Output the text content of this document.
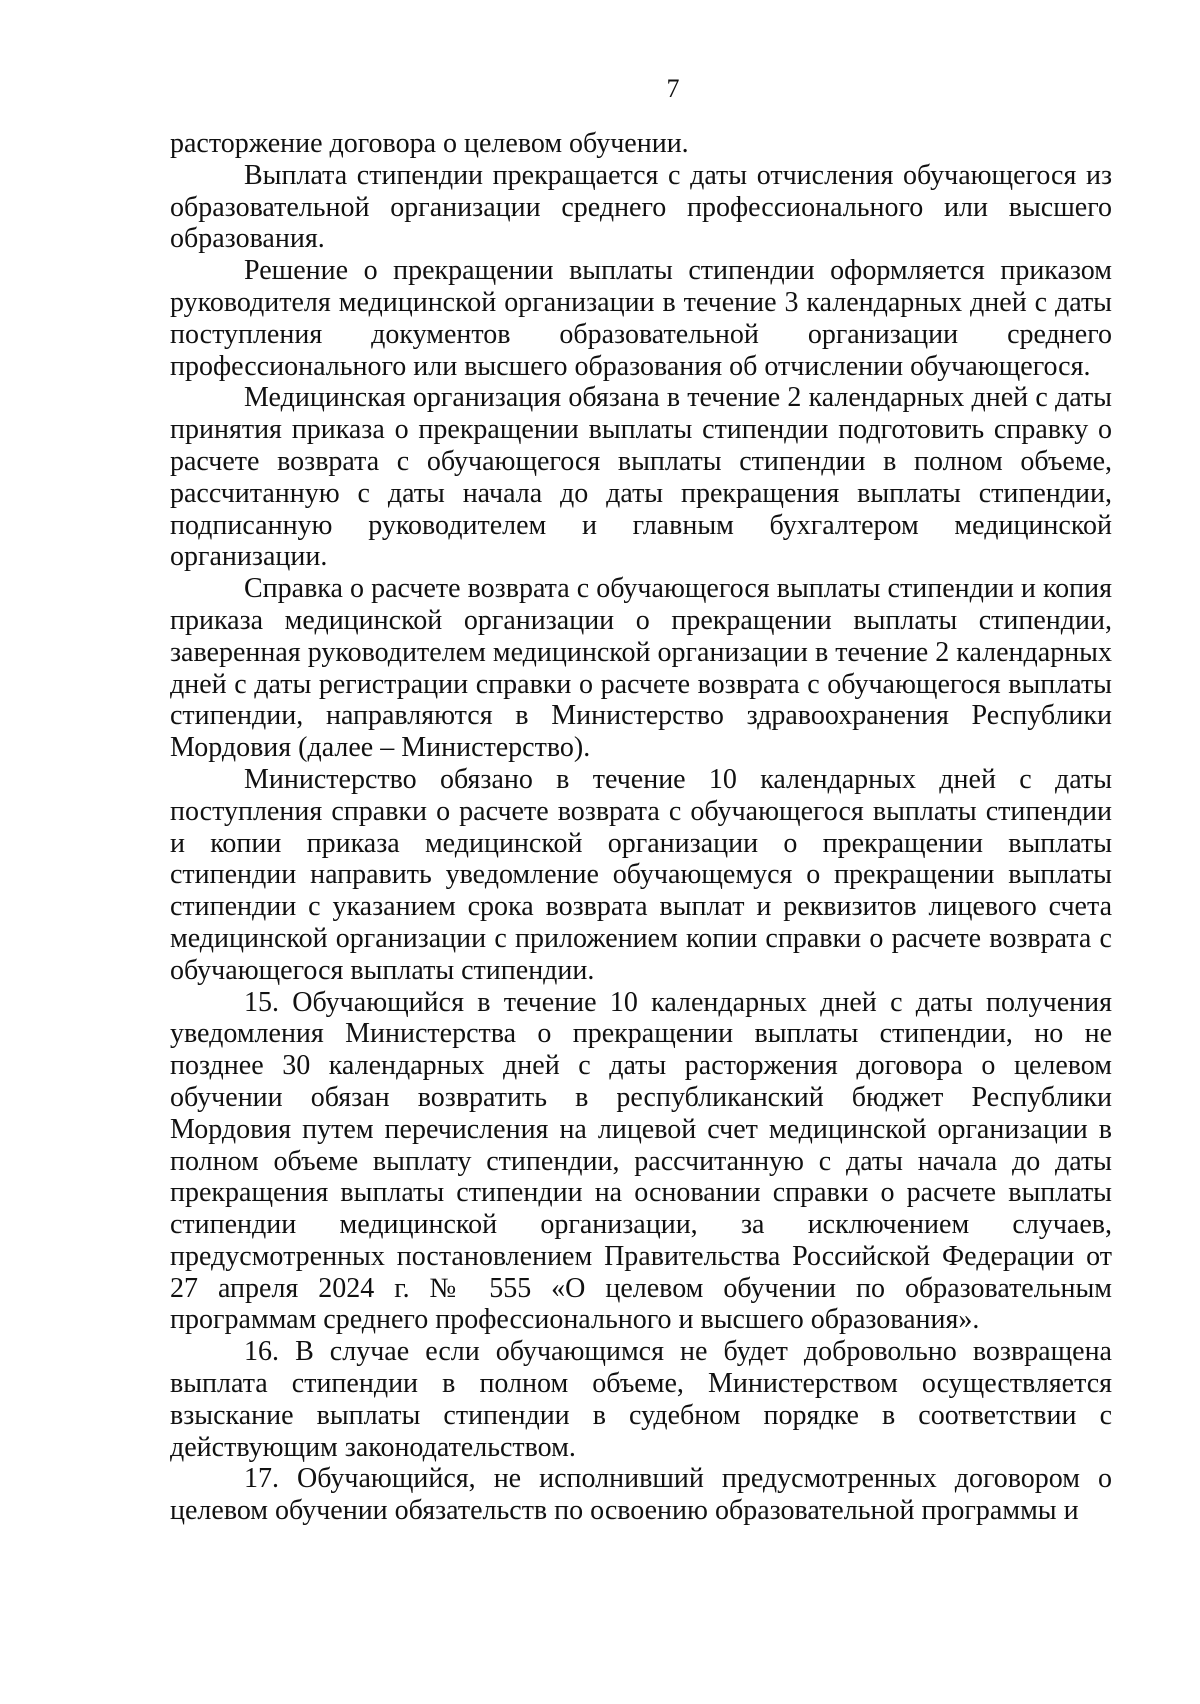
7

расторжение договора о целевом обучении.

Выплата стипендии прекращается с даты отчисления обучающегося из образовательной организации среднего профессионального или высшего образования.

Решение о прекращении выплаты стипендии оформляется приказом руководителя медицинской организации в течение 3 календарных дней с даты поступления документов образовательной организации среднего профессионального или высшего образования об отчислении обучающегося.

Медицинская организация обязана в течение 2 календарных дней с даты принятия приказа о прекращении выплаты стипендии подготовить справку о расчете возврата с обучающегося выплаты стипендии в полном объеме, рассчитанную с даты начала до даты прекращения выплаты стипендии, подписанную руководителем и главным бухгалтером медицинской организации.

Справка о расчете возврата с обучающегося выплаты стипендии и копия приказа медицинской организации о прекращении выплаты стипендии, заверенная руководителем медицинской организации в течение 2 календарных дней с даты регистрации справки о расчете возврата с обучающегося выплаты стипендии, направляются в Министерство здравоохранения Республики Мордовия (далее – Министерство).

Министерство обязано в течение 10 календарных дней с даты поступления справки о расчете возврата с обучающегося выплаты стипендии и копии приказа медицинской организации о прекращении выплаты стипендии направить уведомление обучающемуся о прекращении выплаты стипендии с указанием срока возврата выплат и реквизитов лицевого счета медицинской организации с приложением копии справки о расчете возврата с обучающегося выплаты стипендии.

15. Обучающийся в течение 10 календарных дней с даты получения уведомления Министерства о прекращении выплаты стипендии, но не позднее 30 календарных дней с даты расторжения договора о целевом обучении обязан возвратить в республиканский бюджет Республики Мордовия путем перечисления на лицевой счет медицинской организации в полном объеме выплату стипендии, рассчитанную с даты начала до даты прекращения выплаты стипендии на основании справки о расчете выплаты стипендии медицинской организации, за исключением случаев, предусмотренных постановлением Правительства Российской Федерации от 27 апреля 2024 г. № 555 «О целевом обучении по образовательным программам среднего профессионального и высшего образования».

16. В случае если обучающимся не будет добровольно возвращена выплата стипендии в полном объеме, Министерством осуществляется взыскание выплаты стипендии в судебном порядке в соответствии с действующим законодательством.

17. Обучающийся, не исполнивший предусмотренных договором о целевом обучении обязательств по освоению образовательной программы и
